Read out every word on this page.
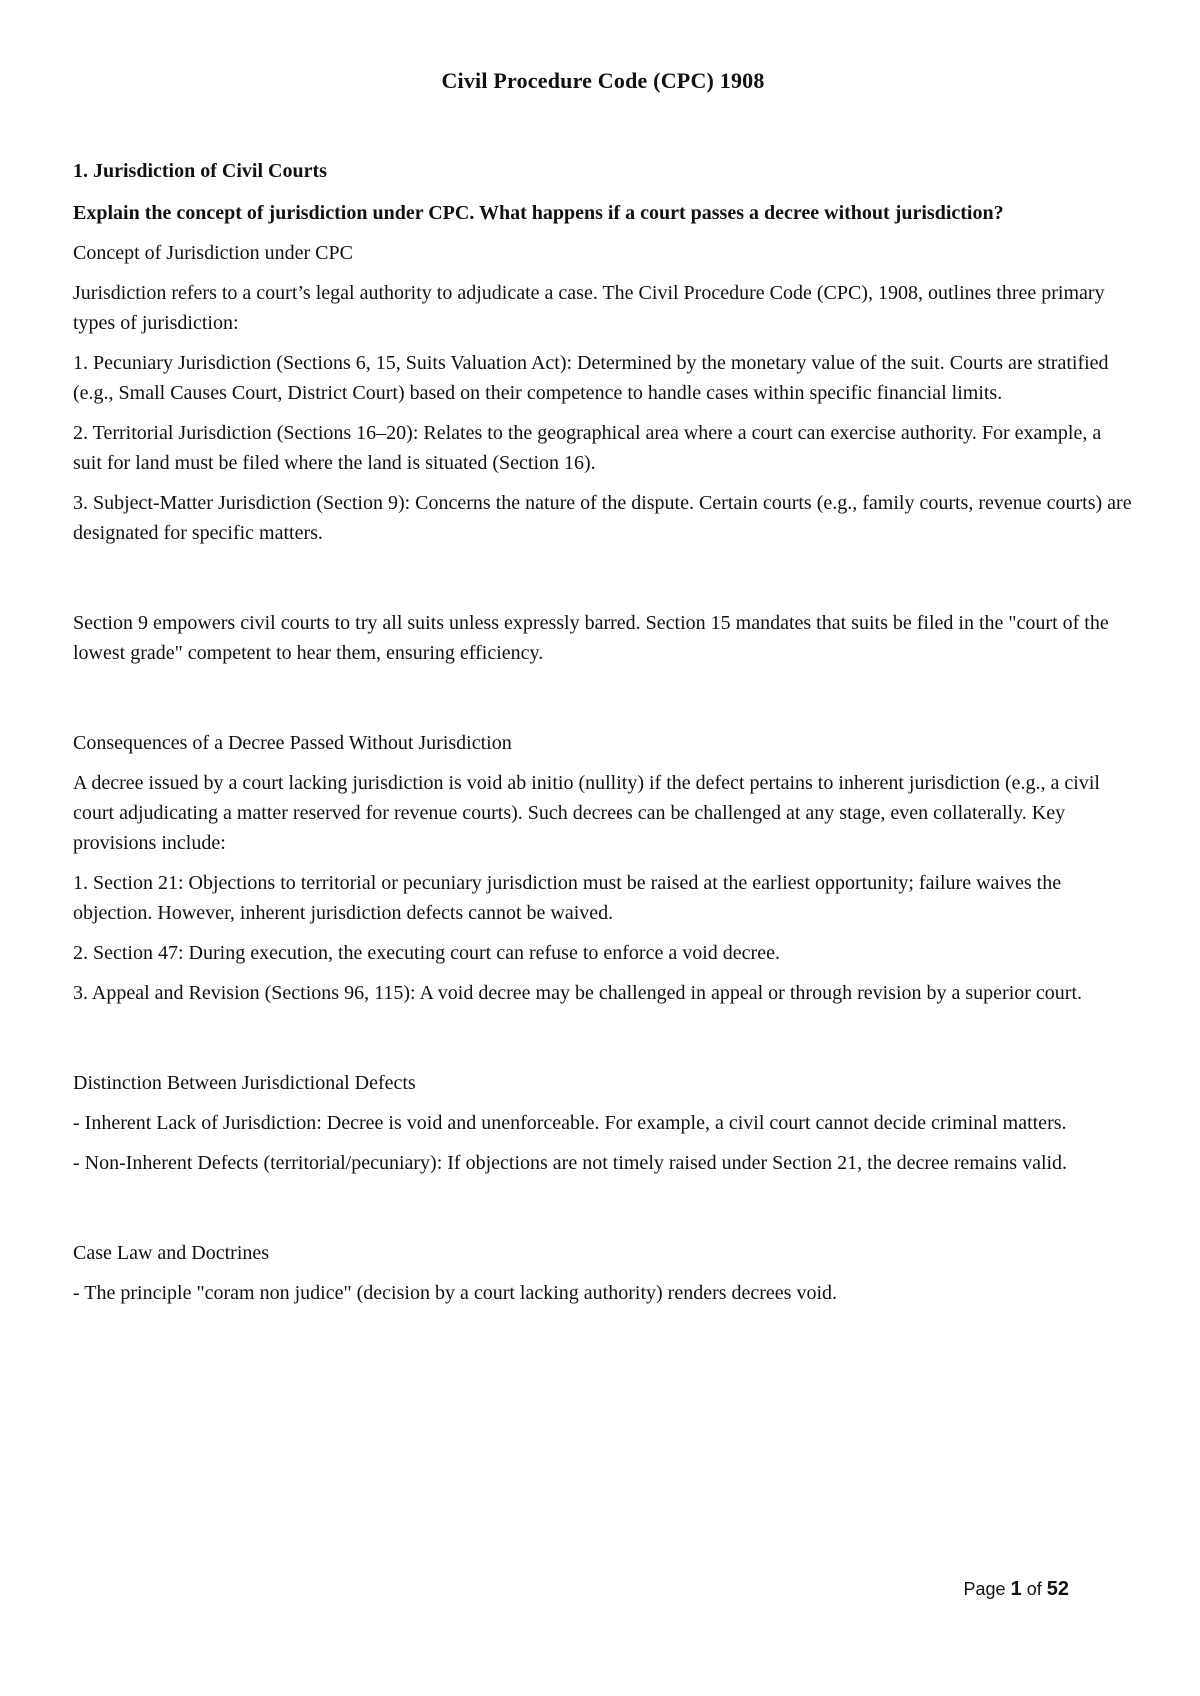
Civil Procedure Code (CPC) 1908
1. Jurisdiction of Civil Courts
Explain the concept of jurisdiction under CPC. What happens if a court passes a decree without jurisdiction?

Concept of Jurisdiction under CPC

Jurisdiction refers to a court’s legal authority to adjudicate a case. The Civil Procedure Code (CPC), 1908, outlines three primary types of jurisdiction:

1. Pecuniary Jurisdiction (Sections 6, 15, Suits Valuation Act): Determined by the monetary value of the suit. Courts are stratified (e.g., Small Causes Court, District Court) based on their competence to handle cases within specific financial limits.

2. Territorial Jurisdiction (Sections 16–20): Relates to the geographical area where a court can exercise authority. For example, a suit for land must be filed where the land is situated (Section 16).

3. Subject-Matter Jurisdiction (Section 9): Concerns the nature of the dispute. Certain courts (e.g., family courts, revenue courts) are designated for specific matters.

Section 9 empowers civil courts to try all suits unless expressly barred. Section 15 mandates that suits be filed in the "court of the lowest grade" competent to hear them, ensuring efficiency.

Consequences of a Decree Passed Without Jurisdiction

A decree issued by a court lacking jurisdiction is void ab initio (nullity) if the defect pertains to inherent jurisdiction (e.g., a civil court adjudicating a matter reserved for revenue courts). Such decrees can be challenged at any stage, even collaterally. Key provisions include:

1. Section 21: Objections to territorial or pecuniary jurisdiction must be raised at the earliest opportunity; failure waives the objection. However, inherent jurisdiction defects cannot be waived.

2. Section 47: During execution, the executing court can refuse to enforce a void decree.

3. Appeal and Revision (Sections 96, 115): A void decree may be challenged in appeal or through revision by a superior court.

Distinction Between Jurisdictional Defects

- Inherent Lack of Jurisdiction: Decree is void and unenforceable. For example, a civil court cannot decide criminal matters.

- Non-Inherent Defects (territorial/pecuniary): If objections are not timely raised under Section 21, the decree remains valid.

Case Law and Doctrines

- The principle "coram non judice" (decision by a court lacking authority) renders decrees void.

Page 1 of 52
